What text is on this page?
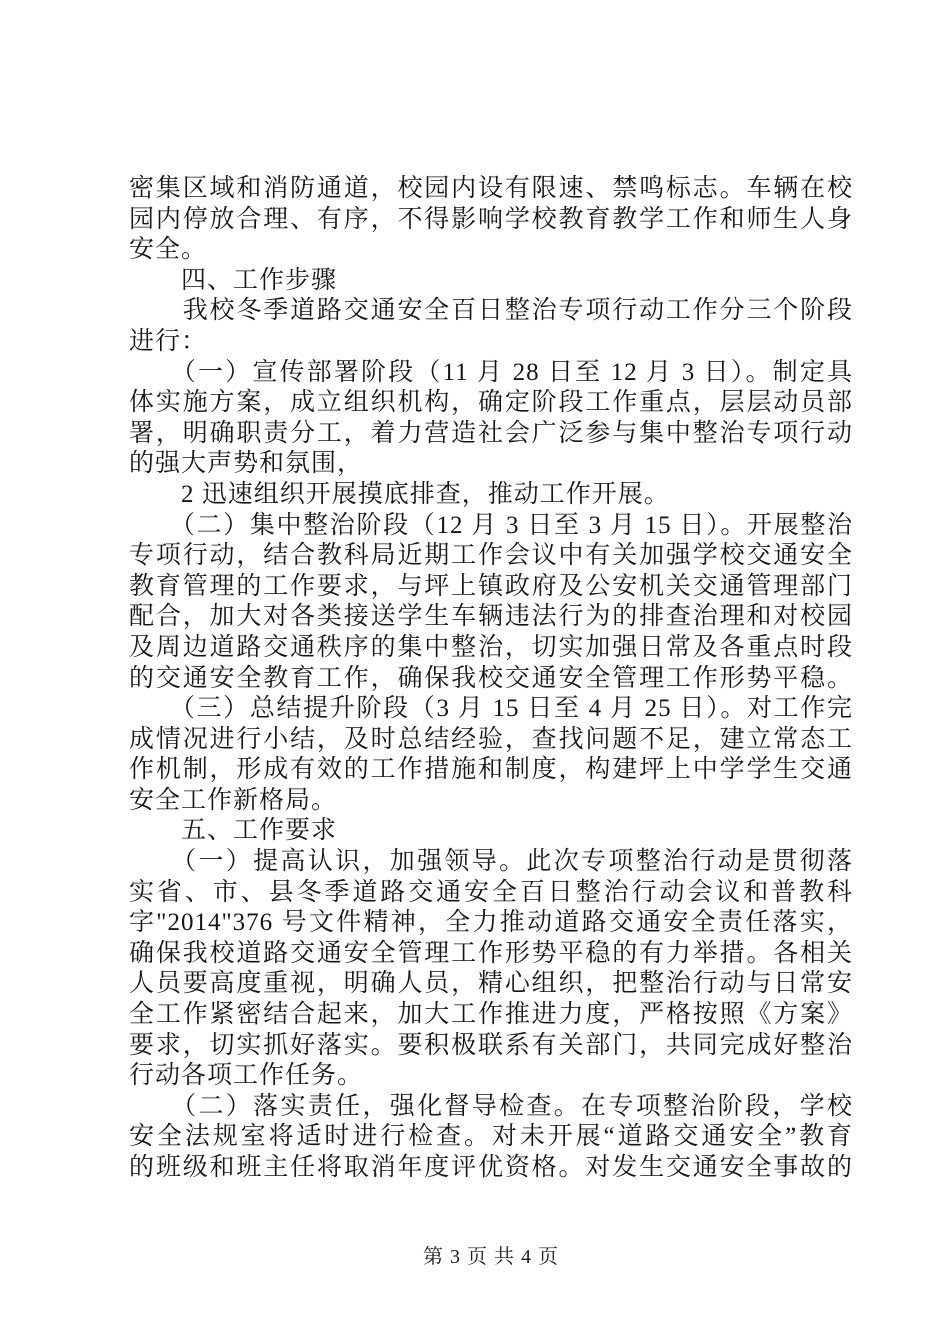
密集区域和消防通道，校园内设有限速、禁鸣标志。车辆在校
园内停放合理、有序，不得影响学校教育教学工作和师生人身
安全。
　　四、工作步骤
　　我校冬季道路交通安全百日整治专项行动工作分三个阶段
进行：
　　（一）宣传部署阶段（11 月 28 日至 12 月 3 日）。制定具
体实施方案，成立组织机构，确定阶段工作重点，层层动员部
署，明确职责分工，着力营造社会广泛参与集中整治专项行动
的强大声势和氛围，
　　2 迅速组织开展摸底排查，推动工作开展。
　　（二）集中整治阶段（12 月 3 日至 3 月 15 日）。开展整治
专项行动，结合教科局近期工作会议中有关加强学校交通安全
教育管理的工作要求，与坪上镇政府及公安机关交通管理部门
配合，加大对各类接送学生车辆违法行为的排查治理和对校园
及周边道路交通秩序的集中整治，切实加强日常及各重点时段
的交通安全教育工作，确保我校交通安全管理工作形势平稳。
　　（三）总结提升阶段（3 月 15 日至 4 月 25 日）。对工作完
成情况进行小结，及时总结经验，查找问题不足，建立常态工
作机制，形成有效的工作措施和制度，构建坪上中学学生交通
安全工作新格局。
　　五、工作要求
　　（一）提高认识，加强领导。此次专项整治行动是贯彻落
实省、市、县冬季道路交通安全百日整治行动会议和普教科
字"2014"376 号文件精神，全力推动道路交通安全责任落实，
确保我校道路交通安全管理工作形势平稳的有力举措。各相关
人员要高度重视，明确人员，精心组织，把整治行动与日常安
全工作紧密结合起来，加大工作推进力度，严格按照《方案》
要求，切实抓好落实。要积极联系有关部门，共同完成好整治
行动各项工作任务。
　　（二）落实责任，强化督导检查。在专项整治阶段，学校
安全法规室将适时进行检查。对未开展“道路交通安全”教育
的班级和班主任将取消年度评优资格。对发生交通安全事故的
第 3 页 共 4 页
